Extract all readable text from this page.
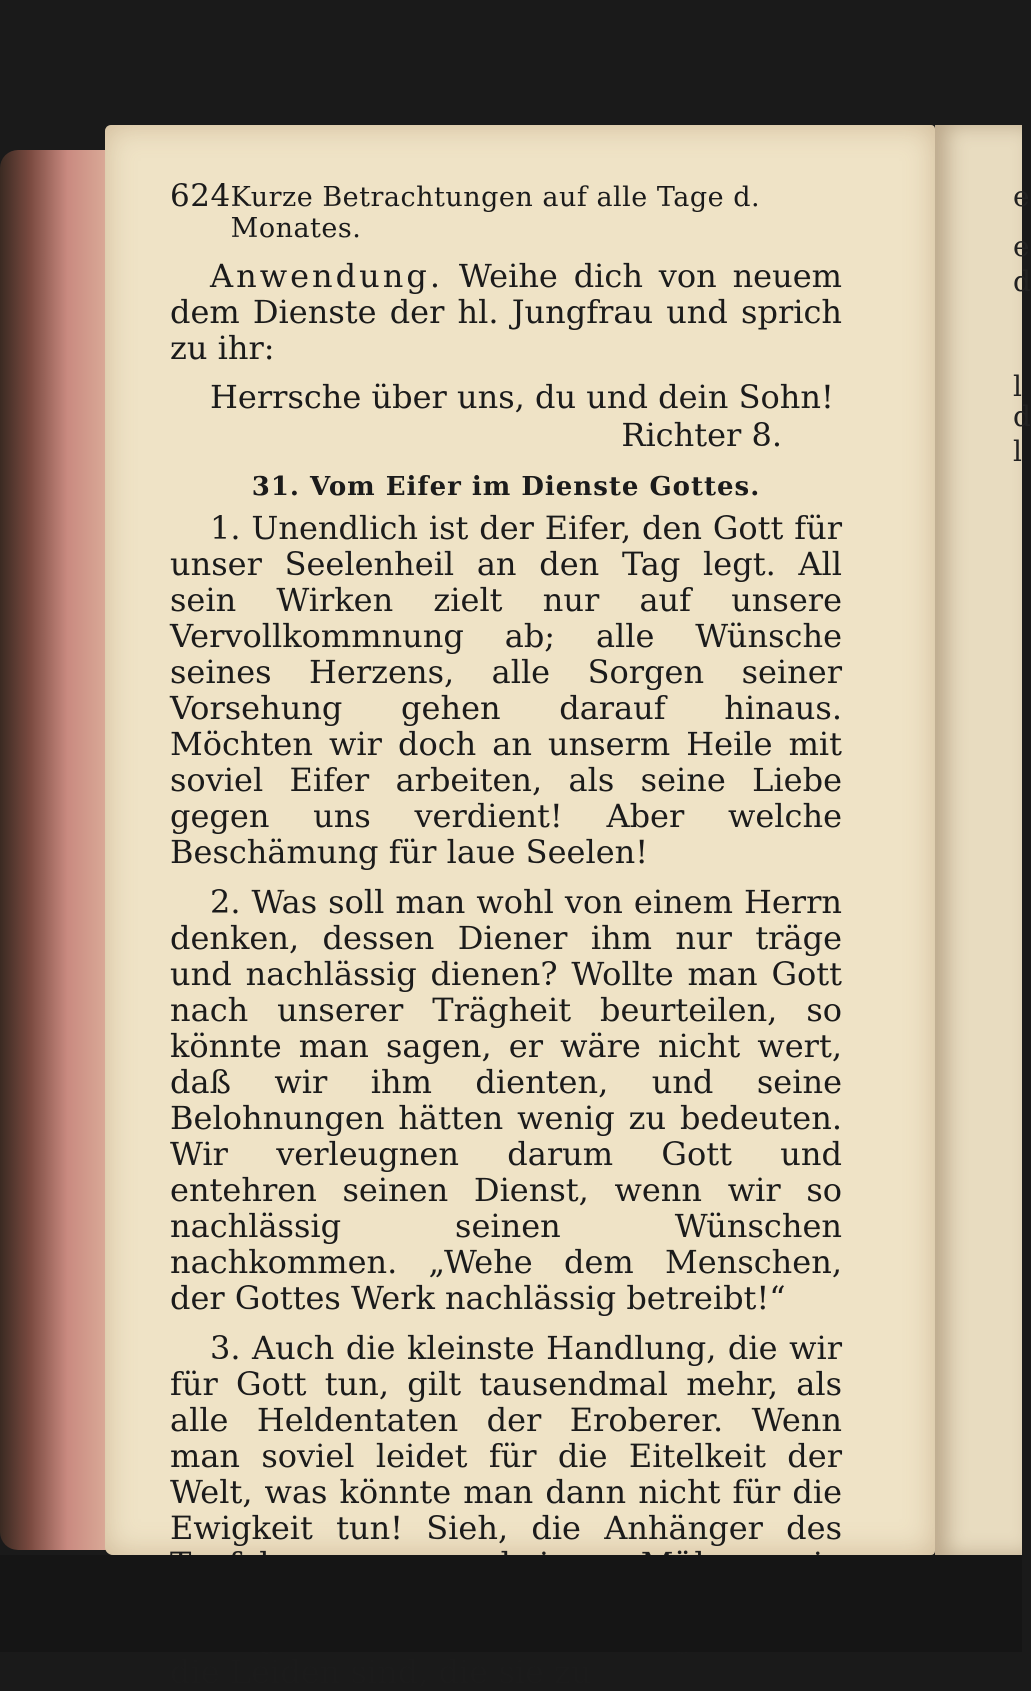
e
e
d
l
d
l
624 Kurze Betrachtungen auf alle Tage d. Monates.

Anwendung. Weihe dich von neuem dem Dienste der hl. Jungfrau und sprich zu ihr:

Herrsche über uns, du und dein Sohn!
Richter 8.
31. Vom Eifer im Dienste Gottes.

1. Unendlich ist der Eifer, den Gott für unser Seelenheil an den Tag legt. All sein Wirken zielt nur auf unsere Vervollkommnung ab; alle Wünsche seines Herzens, alle Sorgen seiner Vorsehung gehen darauf hinaus. Möchten wir doch an unserm Heile mit soviel Eifer arbeiten, als seine Liebe gegen uns verdient! Aber welche Beschämung für laue Seelen!

2. Was soll man wohl von einem Herrn denken, dessen Diener ihm nur träge und nachlässig dienen? Wollte man Gott nach unserer Trägheit beurteilen, so könnte man sagen, er wäre nicht wert, daß wir ihm dienten, und seine Belohnungen hätten wenig zu bedeuten. Wir verleugnen darum Gott und entehren seinen Dienst, wenn wir so nachlässig seinen Wünschen nachkommen. „Wehe dem Menschen, der Gottes Werk nachlässig betreibt!“

3. Auch die kleinste Handlung, die wir für Gott tun, gilt tausendmal mehr, als alle Heldentaten der Eroberer. Wenn man soviel leidet für die Eitelkeit der Welt, was könnte man dann nicht für die Ewigkeit tun! Sieh, die Anhänger des die Leiden sind, die sie zu
